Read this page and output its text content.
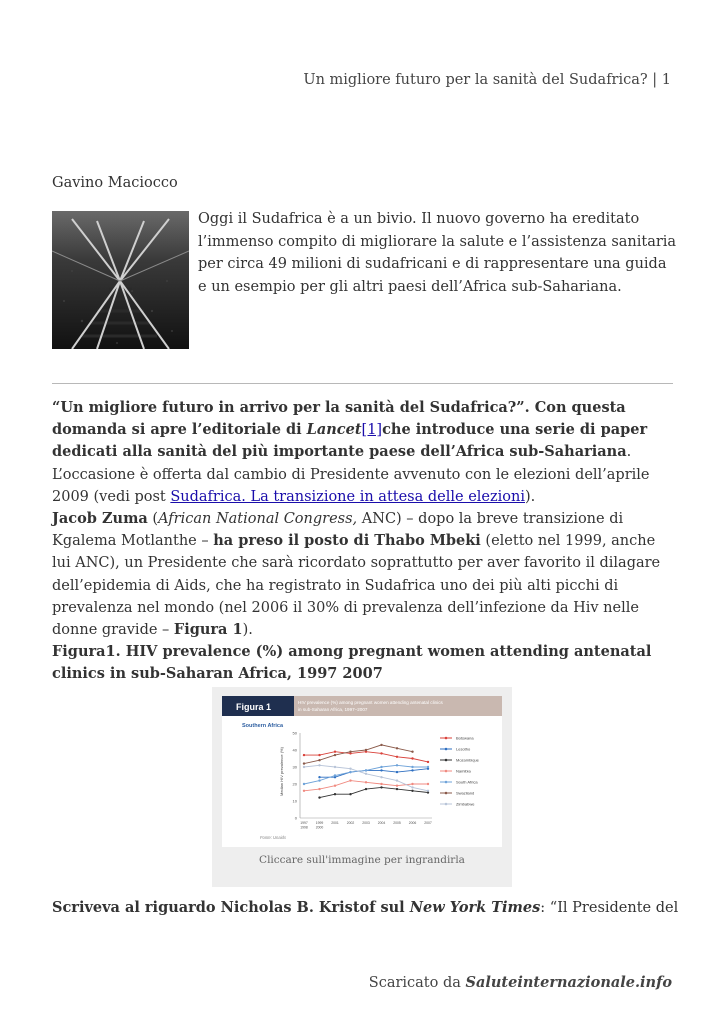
Un migliore futuro per la sanità del Sudafrica? | 1
Gavino Maciocco
Oggi il Sudafrica è a un bivio. Il nuovo governo ha ereditato l’immenso compito di migliorare la salute e l’assistenza sanitaria per circa 49 milioni di sudafricani e di rappresentare una guida e un esempio per gli altri paesi dell’Africa sub-Sahariana.

“Un migliore futuro in arrivo per la sanità del Sudafrica?”. Con questa domanda si apre l’editoriale di Lancet[1]che introduce una serie di paper dedicati alla sanità del più importante paese dell’Africa sub-Sahariana. L’occasione è offerta dal cambio di Presidente avvenuto con le elezioni dell’aprile 2009 (vedi post Sudafrica. La transizione in attesa delle elezioni).

Jacob Zuma (African National Congress, ANC) – dopo la breve transizione di Kgalema Motlanthe – ha preso il posto di Thabo Mbeki (eletto nel 1999, anche lui ANC), un Presidente che sarà ricordato soprattutto per aver favorito il dilagare dell’epidemia di Aids, che ha registrato in Sudafrica uno dei più alti picchi di prevalenza nel mondo (nel 2006 il 30% di prevalenza dell’infezione da Hiv nelle donne gravide – Figura 1).

Figura1. HIV prevalence (%) among pregnant women attending antenatal clinics in sub-Saharan Africa, 1997 2007

Figura 1	HIV prevalence (%) among pregnant women attending antenatal clinics
in sub-Saharan Africa, 1997–2007
Southern Africa
Median HIV prevalence (%)
Fonte: Unaids
0
10
20
30
40
50
1997
1998
1999
2000
2001 2002 2003 2004 2005 2006 2007
Botswana
Lesotho
Mozambique
Namibia
South Africa
Swaziland
Zimbabwe
Cliccare sull'immagine per ingrandirla
Scriveva al riguardo Nicholas B. Kristof sul New York Times: “Il Presidente del
Scaricato da Saluteinternazionale.info
